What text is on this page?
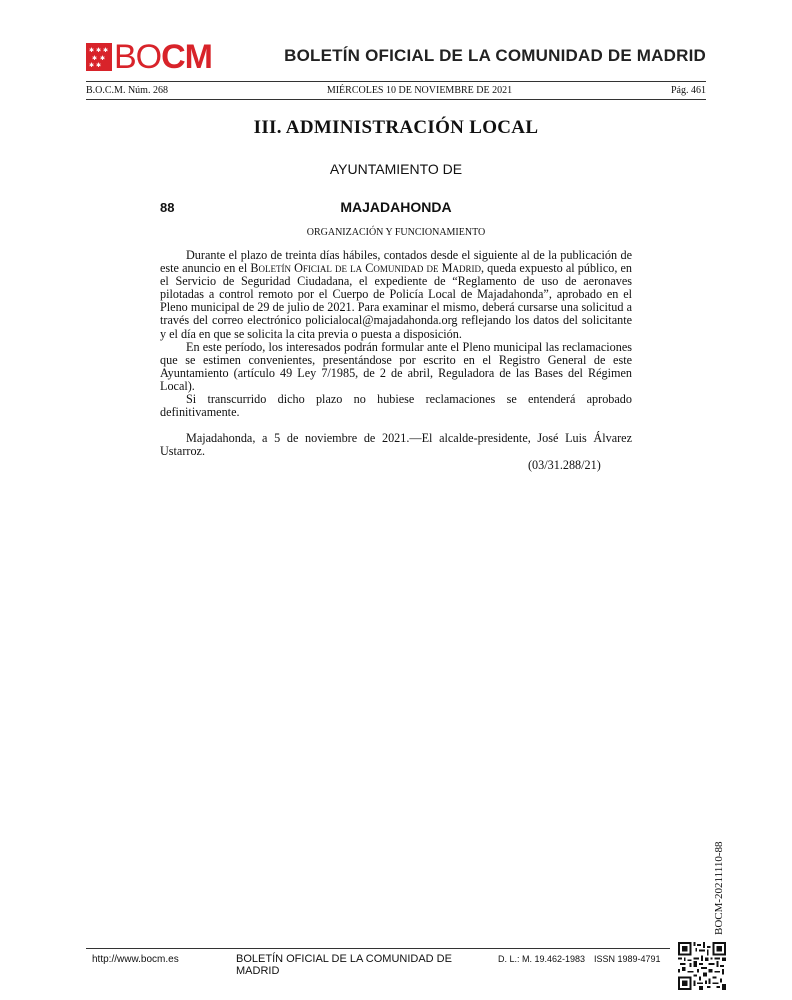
✱ ✱ ✱
✱ ✱
✱ ✱ BO CM	BOLETÍN OFICIAL DE LA COMUNIDAD DE MADRID
B.O.C.M. Núm. 268	MIÉRCOLES 10 DE NOVIEMBRE DE 2021	Pág. 461
III. ADMINISTRACIÓN LOCAL
AYUNTAMIENTO DE
88	MAJADAHONDA
ORGANIZACIÓN Y FUNCIONAMIENTO

Durante el plazo de treinta días hábiles, contados desde el siguiente al de la publicación de este anuncio en el Boletín Oficial de la Comunidad de Madrid, queda expuesto al público, en el Servicio de Seguridad Ciudadana, el expediente de “Reglamento de uso de aeronaves pilotadas a control remoto por el Cuerpo de Policía Local de Majadahonda”, aprobado en el Pleno municipal de 29 de julio de 2021. Para examinar el mismo, deberá cursarse una solicitud a través del correo electrónico policialocal@majadahonda.org reflejando los datos del solicitante y el día en que se solicita la cita previa o puesta a disposición.

En este período, los interesados podrán formular ante el Pleno municipal las reclamaciones que se estimen convenientes, presentándose por escrito en el Registro General de este Ayuntamiento (artículo 49 Ley 7/1985, de 2 de abril, Reguladora de las Bases del Régimen Local).

Si transcurrido dicho plazo no hubiese reclamaciones se entenderá aprobado definitivamente.

Majadahonda, a 5 de noviembre de 2021.—El alcalde-presidente, José Luis Álvarez Ustarroz.

(03/31.288/21)
BOCM-20211110-88
http://www.bocm.es	BOLETÍN OFICIAL DE LA COMUNIDAD DE MADRID
D. L.: M. 19.462-1983 ISSN 1989-4791
